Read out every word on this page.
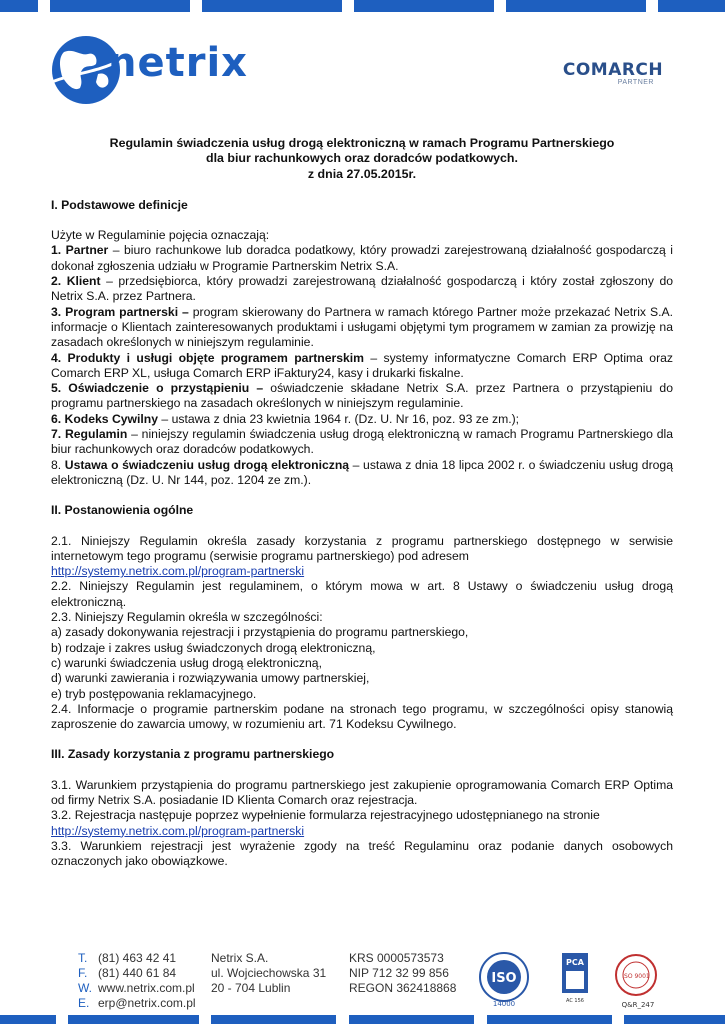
netrix	COMARCH
PARTNER
Regulamin świadczenia usług drogą elektroniczną w ramach Programu Partnerskiego
dla biur rachunkowych oraz doradców podatkowych.
z dnia 27.05.2015r.

I. Podstawowe definicje

Użyte w Regulaminie pojęcia oznaczają:

1. Partner – biuro rachunkowe lub doradca podatkowy, który prowadzi zarejestrowaną działalność gospodarczą i dokonał zgłoszenia udziału w Programie Partnerskim Netrix S.A.

2. Klient – przedsiębiorca, który prowadzi zarejestrowaną działalność gospodarczą i który został zgłoszony do Netrix S.A. przez Partnera.

3. Program partnerski – program skierowany do Partnera w ramach którego Partner może przekazać Netrix S.A. informacje o Klientach zainteresowanych produktami i usługami objętymi tym programem w zamian za prowizję na zasadach określonych w niniejszym regulaminie.

4. Produkty i usługi objęte programem partnerskim – systemy informatyczne Comarch ERP Optima oraz Comarch ERP XL, usługa Comarch ERP iFaktury24, kasy i drukarki fiskalne.

5. Oświadczenie o przystąpieniu – oświadczenie składane Netrix S.A. przez Partnera o przystąpieniu do programu partnerskiego na zasadach określonych w niniejszym regulaminie.

6. Kodeks Cywilny – ustawa z dnia 23 kwietnia 1964 r. (Dz. U. Nr 16, poz. 93 ze zm.);

7. Regulamin – niniejszy regulamin świadczenia usług drogą elektroniczną w ramach Programu Partnerskiego dla biur rachunkowych oraz doradców podatkowych.

8. Ustawa o świadczeniu usług drogą elektroniczną – ustawa z dnia 18 lipca 2002 r. o świadczeniu usług drogą elektroniczną (Dz. U. Nr 144, poz. 1204 ze zm.).

II. Postanowienia ogólne

2.1. Niniejszy Regulamin określa zasady korzystania z programu partnerskiego dostępnego w serwisie internetowym tego programu (serwisie programu partnerskiego) pod adresem

http://systemy.netrix.com.pl/program-partnerski

2.2. Niniejszy Regulamin jest regulaminem, o którym mowa w art. 8 Ustawy o świadczeniu usług drogą elektroniczną.

2.3. Niniejszy Regulamin określa w szczególności:

a) zasady dokonywania rejestracji i przystąpienia do programu partnerskiego,

b) rodzaje i zakres usług świadczonych drogą elektroniczną,

c) warunki świadczenia usług drogą elektroniczną,

d) warunki zawierania i rozwiązywania umowy partnerskiej,

e) tryb postępowania reklamacyjnego.

2.4. Informacje o programie partnerskim podane na stronach tego programu, w szczególności opisy stanowią zaproszenie do zawarcia umowy, w rozumieniu art. 71 Kodeksu Cywilnego.

III. Zasady korzystania z programu partnerskiego

3.1. Warunkiem przystąpienia do programu partnerskiego jest zakupienie oprogramowania Comarch ERP Optima od firmy Netrix S.A. posiadanie ID Klienta Comarch oraz rejestracja.

3.2. Rejestracja następuje poprzez wypełnienie formularza rejestracyjnego udostępnianego na stronie

http://systemy.netrix.com.pl/program-partnerski

3.3. Warunkiem rejestracji jest wyrażenie zgody na treść Regulaminu oraz podanie danych osobowych oznaczonych jako obowiązkowe.

T. (81) 463 42 41
F. (81) 440 61 84
W. www.netrix.com.pl
E. erp@netrix.com.pl
Netrix S.A.
ul. Wojciechowska 31
20 - 704 Lublin
KRS 0000573573
NIP 712 32 99 856
REGON 362418868
ISO
14000
PCA
AC 156
ISO 9001
Q&R_247
